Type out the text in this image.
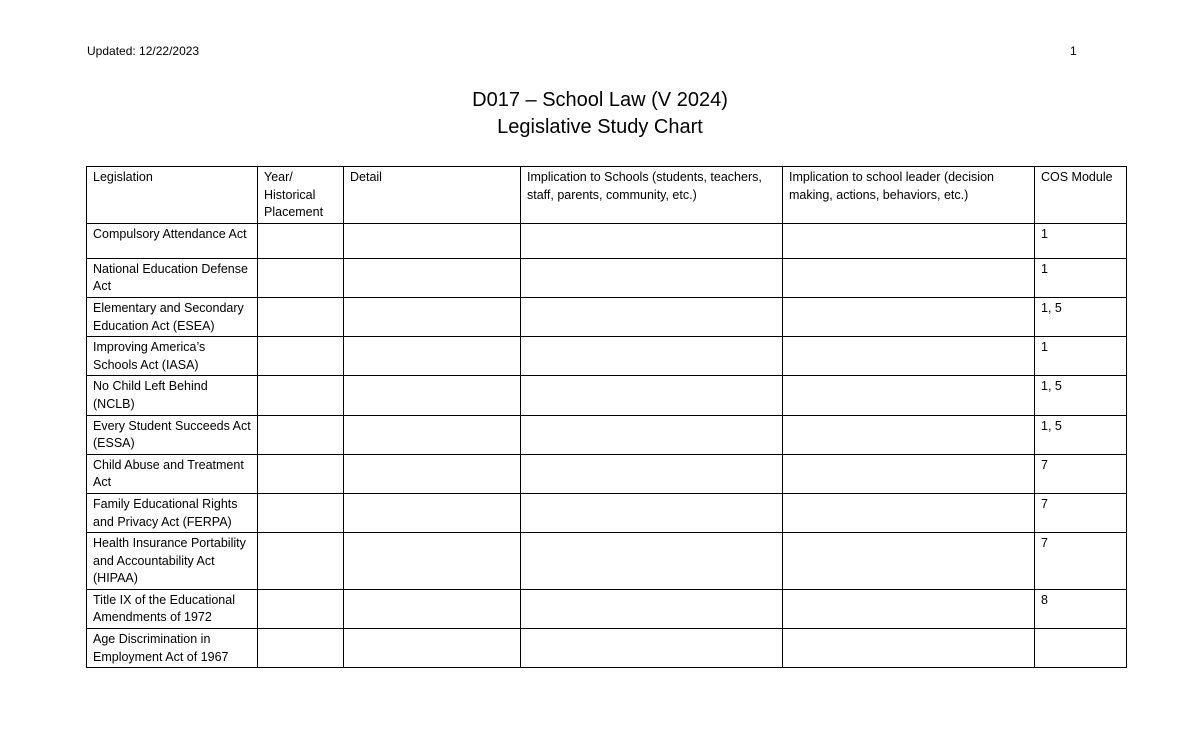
Updated: 12/22/2023	1
D017 – School Law (V 2024)
Legislative Study Chart
Legislation	Year/ Historical Placement	Detail	Implication to Schools (students, teachers, staff, parents, community, etc.)	Implication to school leader (decision making, actions, behaviors, etc.)	COS Module
Compulsory Attendance Act					1
National Education Defense Act					1
Elementary and Secondary Education Act (ESEA)					1, 5
Improving America’s Schools Act (IASA)					1
No Child Left Behind (NCLB)					1, 5
Every Student Succeeds Act (ESSA)					1, 5
Child Abuse and Treatment Act					7
Family Educational Rights and Privacy Act (FERPA)					7
Health Insurance Portability and Accountability Act (HIPAA)					7
Title IX of the Educational Amendments of 1972					8
Age Discrimination in Employment Act of 1967					
